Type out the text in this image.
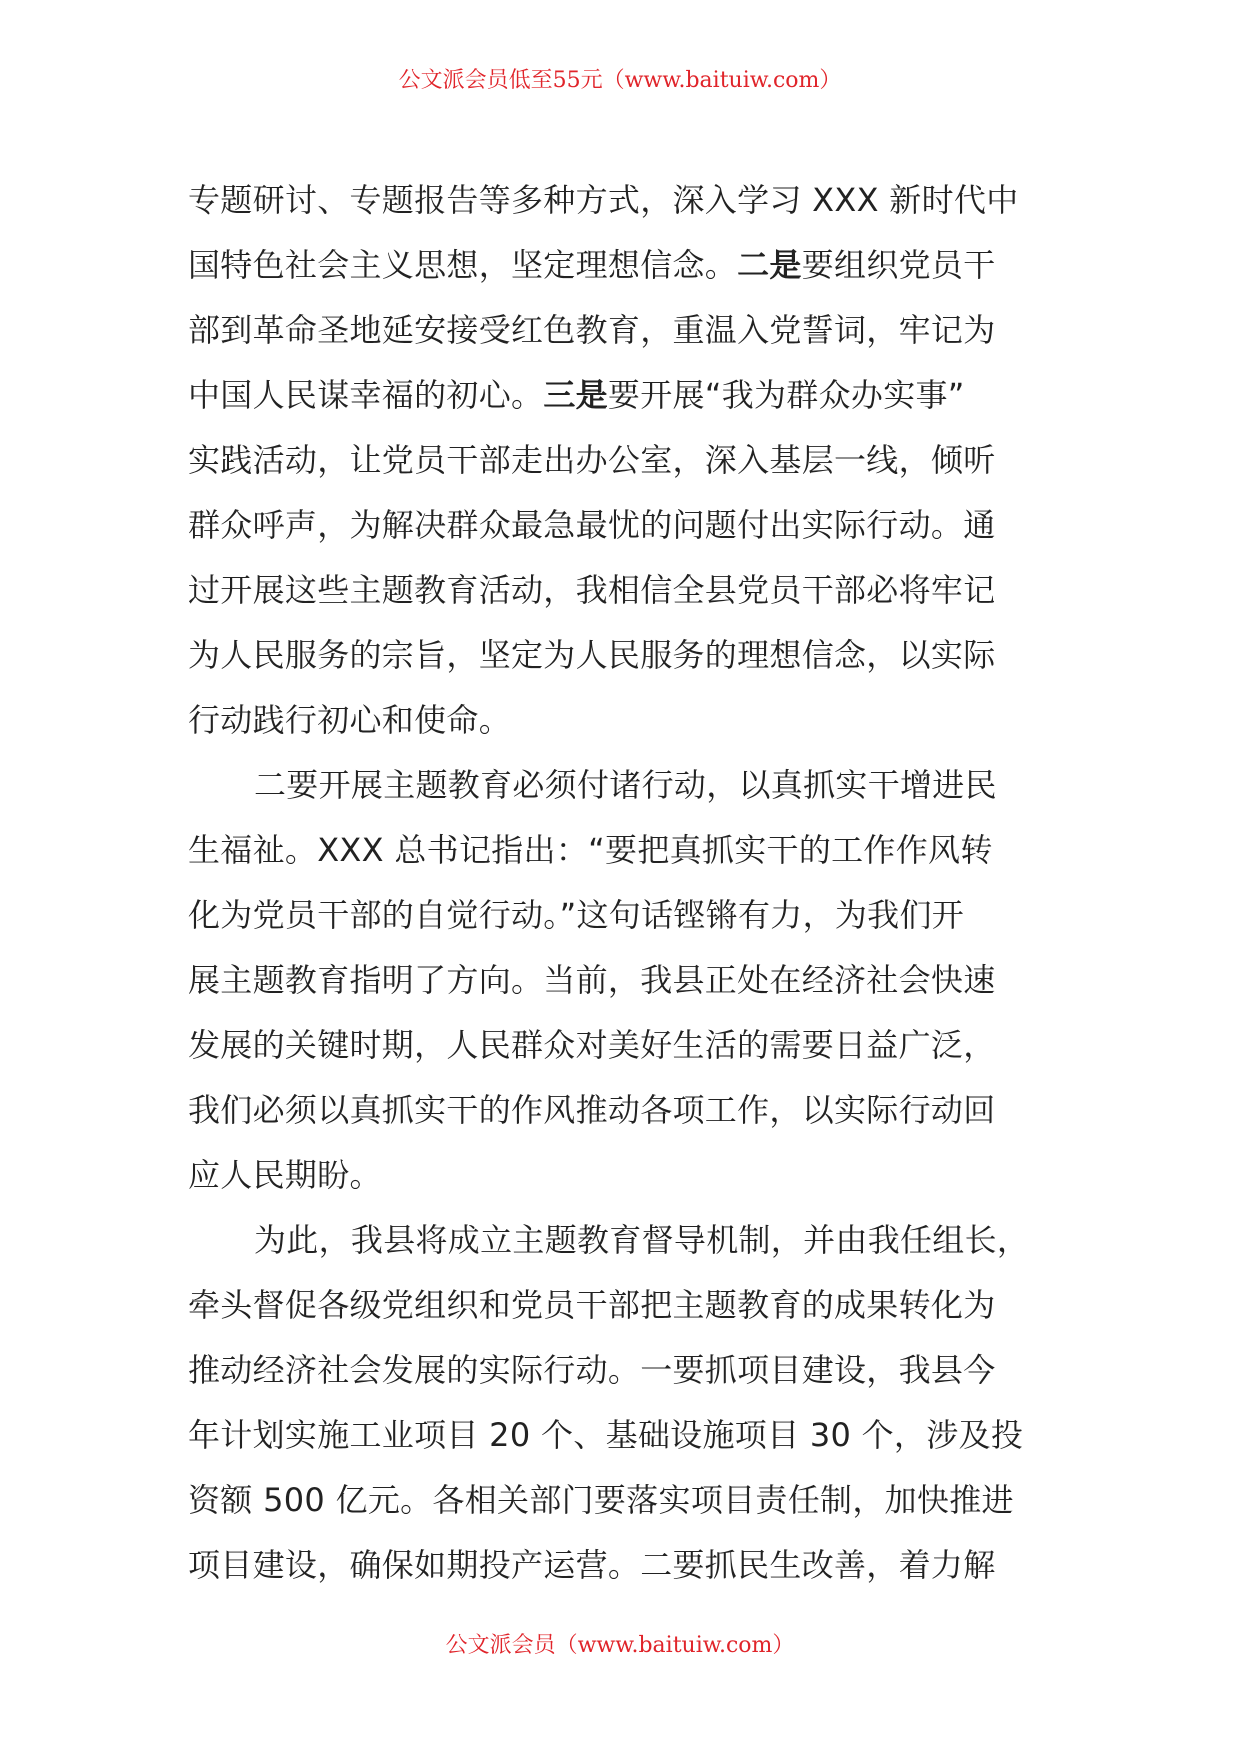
公文派会员低至55元（www.baituiw.com）
专题研讨、专题报告等多种方式，深入学习 XXX 新时代中
国特色社会主义思想，坚定理想信念。二是要组织党员干
部到革命圣地延安接受红色教育，重温入党誓词，牢记为
中国人民谋幸福的初心。三是要开展“我为群众办实事”
实践活动，让党员干部走出办公室，深入基层一线，倾听
群众呼声，为解决群众最急最忧的问题付出实际行动。通
过开展这些主题教育活动，我相信全县党员干部必将牢记
为人民服务的宗旨，坚定为人民服务的理想信念，以实际
行动践行初心和使命。
二要开展主题教育必须付诸行动，以真抓实干增进民
生福祉。XXX 总书记指出：“要把真抓实干的工作作风转
化为党员干部的自觉行动。”这句话铿锵有力，为我们开
展主题教育指明了方向。当前，我县正处在经济社会快速
发展的关键时期，人民群众对美好生活的需要日益广泛，
我们必须以真抓实干的作风推动各项工作，以实际行动回
应人民期盼。
为此，我县将成立主题教育督导机制，并由我任组长，
牵头督促各级党组织和党员干部把主题教育的成果转化为
推动经济社会发展的实际行动。一要抓项目建设，我县今
年计划实施工业项目 20 个、基础设施项目 30 个，涉及投
资额 500 亿元。各相关部门要落实项目责任制，加快推进
项目建设，确保如期投产运营。二要抓民生改善，着力解
公文派会员（www.baituiw.com）
